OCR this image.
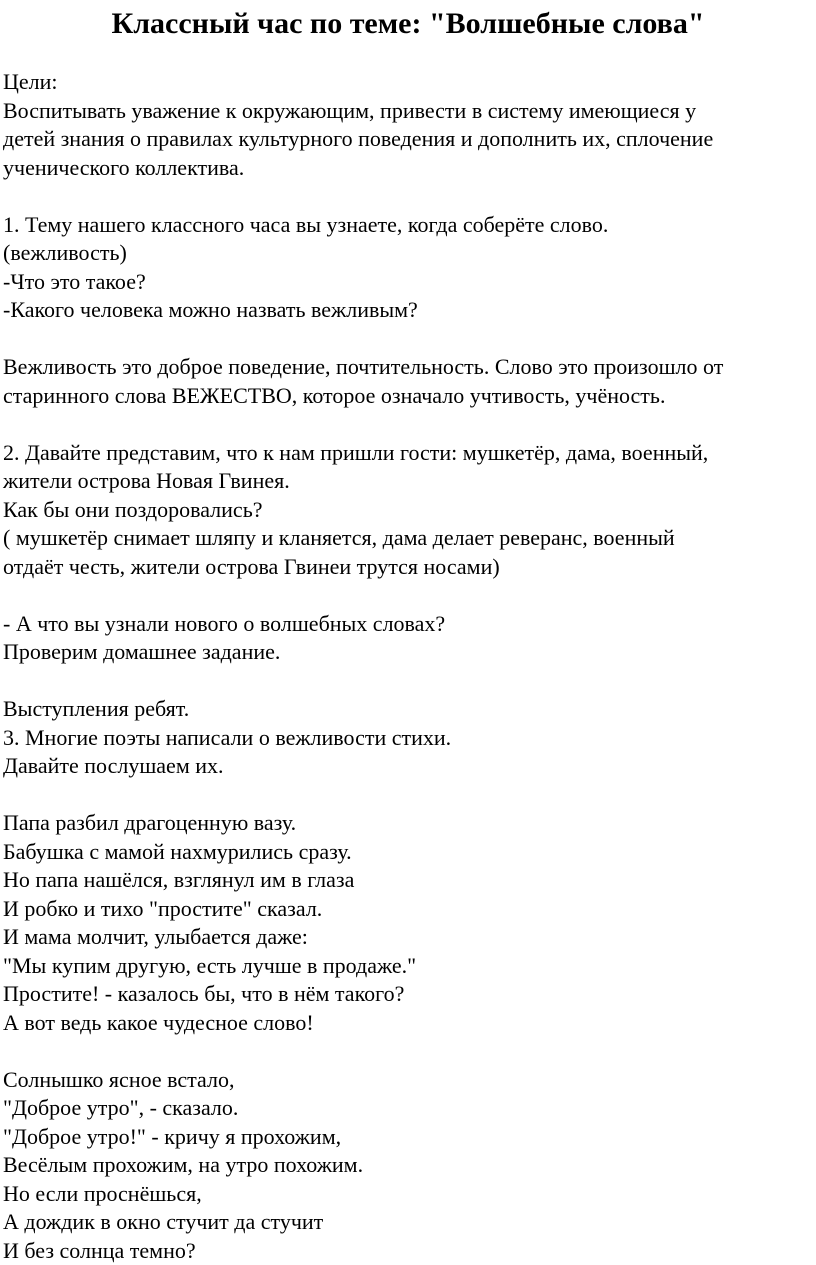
Классный час по теме: "Волшебные слова"
Цели:
Воспитывать уважение к окружающим, привести в систему имеющиеся у
детей знания о правилах культурного поведения и дополнить их, сплочение
ученического коллектива.
1. Тему нашего классного часа вы узнаете, когда соберёте слово.
(вежливость)
-Что это такое?
-Какого человека можно назвать вежливым?
Вежливость это доброе поведение, почтительность. Слово это произошло от
старинного слова ВЕЖЕСТВО, которое означало учтивость, учёность.
2. Давайте представим, что к нам пришли гости: мушкетёр, дама, военный,
жители острова Новая Гвинея.
Как бы они поздоровались?
( мушкетёр снимает шляпу и кланяется, дама делает реверанс, военный
отдаёт честь, жители острова Гвинеи трутся носами)
- А что вы узнали нового о волшебных словах?
Проверим домашнее задание.
Выступления ребят.
3. Многие поэты написали о вежливости стихи.
Давайте послушаем их.
Папа разбил драгоценную вазу.
Бабушка с мамой нахмурились сразу.
Но папа нашёлся, взглянул им в глаза
И робко и тихо "простите" сказал.
И мама молчит, улыбается даже:
"Мы купим другую, есть лучше в продаже."
Простите! - казалось бы, что в нём такого?
А вот ведь какое чудесное слово!
Солнышко ясное встало,
"Доброе утро", - сказало.
"Доброе утро!" - кричу я прохожим,
Весёлым прохожим, на утро похожим.
Но если проснёшься,
А дождик в окно стучит да стучит
И без солнца темно?
